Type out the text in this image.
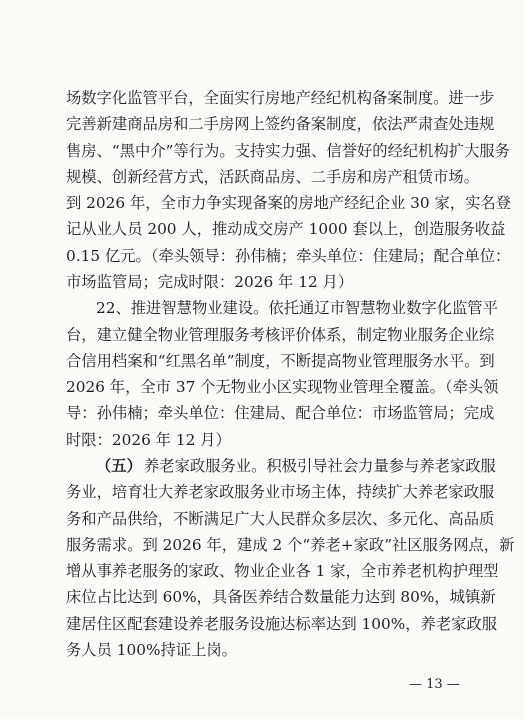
场数字化监管平台，全面实行房地产经纪机构备案制度。进一步
完善新建商品房和二手房网上签约备案制度，依法严肃查处违规
售房、“黑中介”等行为。支持实力强、信誉好的经纪机构扩大服务
规模、创新经营方式，活跃商品房、二手房和房产租赁市场。
到 2026 年，全市力争实现备案的房地产经纪企业 30 家，实名登
记从业人员 200 人，推动成交房产 1000 套以上，创造服务收益
0.15 亿元。（牵头领导：孙伟楠；牵头单位：住建局；配合单位：
市场监管局；完成时限：2026 年 12 月）
22、推进智慧物业建设。依托通辽市智慧物业数字化监管平
台，建立健全物业管理服务考核评价体系，制定物业服务企业综
合信用档案和“红黑名单”制度，不断提高物业管理服务水平。到
2026 年，全市 37 个无物业小区实现物业管理全覆盖。（牵头领
导：孙伟楠；牵头单位：住建局、配合单位：市场监管局；完成
时限：2026 年 12 月）
（五） 养老家政服务业。积极引导社会力量参与养老家政服
务业，培育壮大养老家政服务业市场主体，持续扩大养老家政服
务和产品供给，不断满足广大人民群众多层次、多元化、高品质
服务需求。到 2026 年，建成 2 个“养老+家政”社区服务网点，新
增从事养老服务的家政、物业企业各 1 家，全市养老机构护理型
床位占比达到 60%，具备医养结合数量能力达到 80%，城镇新
建居住区配套建设养老服务设施达标率达到 100%，养老家政服
务人员 100%持证上岗。
— 13 —
